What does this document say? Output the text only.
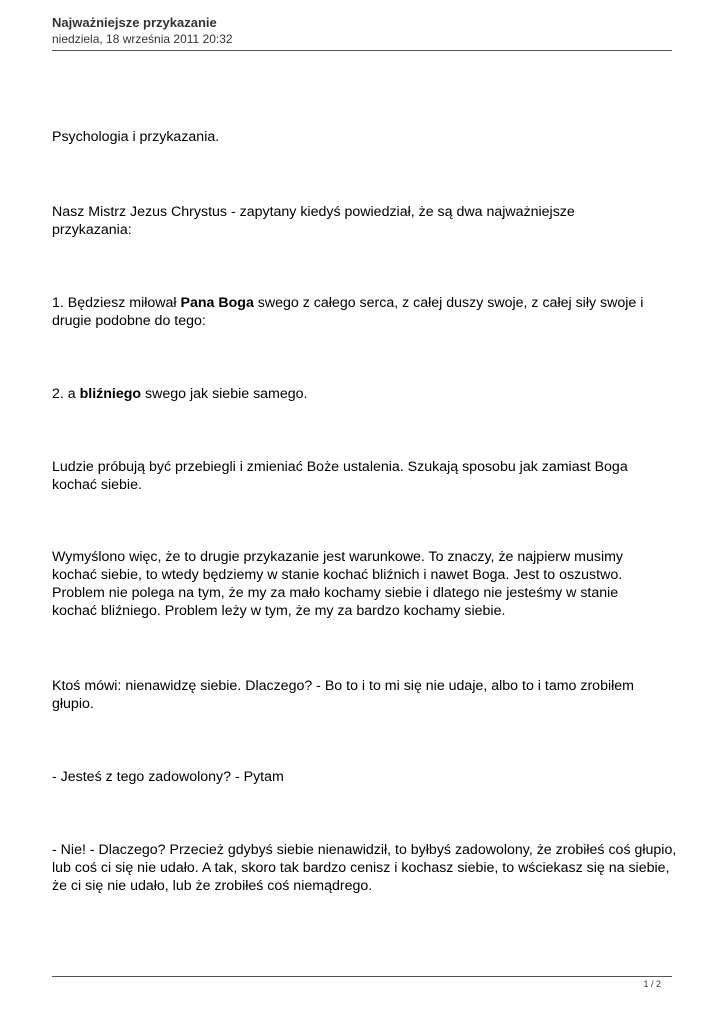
Najważniejsze przykazanie
niedziela, 18 września 2011 20:32

Psychologia i przykazania.

Nasz Mistrz Jezus Chrystus - zapytany kiedyś powiedział, że są dwa najważniejsze przykazania:

1. Będziesz miłował Pana Boga swego z całego serca, z całej duszy swoje, z całej siły swoje i drugie podobne do tego:

2. a bliźniego swego jak siebie samego.

Ludzie próbują być przebiegli i zmieniać Boże ustalenia. Szukają sposobu jak zamiast Boga kochać siebie.

Wymyślono więc, że to drugie przykazanie jest warunkowe. To znaczy, że najpierw musimy kochać siebie, to wtedy będziemy w stanie kochać bliźnich i nawet Boga. Jest to oszustwo. Problem nie polega na tym, że my za mało kochamy siebie i dlatego nie jesteśmy w stanie kochać bliźniego. Problem leży w tym, że my za bardzo kochamy siebie.

Ktoś mówi: nienawidzę siebie. Dlaczego? - Bo to i to mi się nie udaje, albo to i tamo zrobiłem głupio.

- Jesteś z tego zadowolony? - Pytam

- Nie! - Dlaczego? Przecież gdybyś siebie nienawidził, to byłbyś zadowolony, że zrobiłeś coś głupio, lub coś ci się nie udało. A tak, skoro tak bardzo cenisz i kochasz siebie, to wściekasz się na siebie, że ci się nie udało, lub że zrobiłeś coś niemądrego.

1 / 2
